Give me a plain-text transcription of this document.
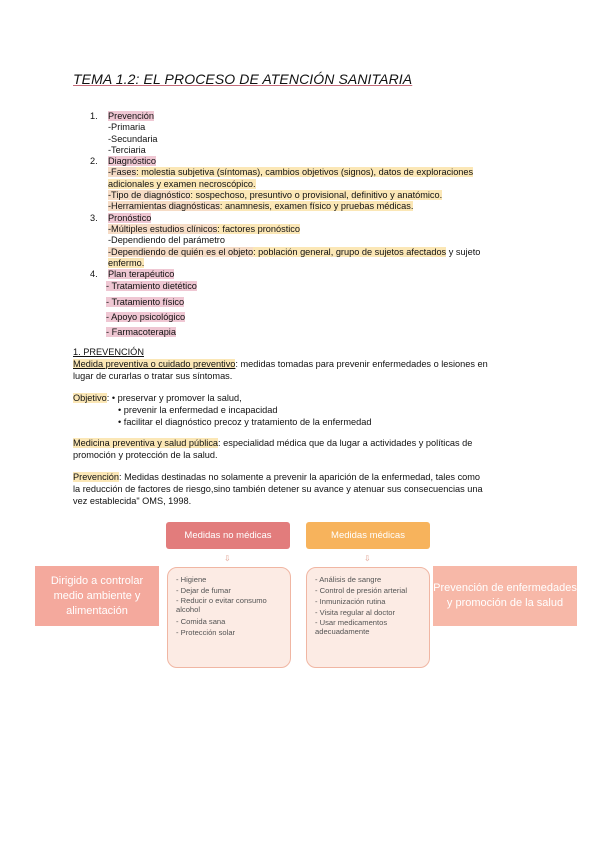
TEMA 1.2: EL PROCESO DE ATENCIÓN SANITARIA
1. Prevención
-Primaria
-Secundaria
-Terciaria
2. Diagnóstico
-Fases: molestia subjetiva (síntomas), cambios objetivos (signos), datos de exploraciones
adicionales y examen necroscópico.
-Tipo de diagnóstico: sospechoso, presuntivo o provisional, definitivo y anatómico.
-Herramientas diagnósticas: anamnesis, examen físico y pruebas médicas.
3. Pronóstico
-Múltiples estudios clínicos: factores pronóstico
-Dependiendo del parámetro
-Dependiendo de quién es el objeto: población general, grupo de sujetos afectados y sujeto
enfermo.
4. Plan terapéutico
- Tratamiento dietético
- Tratamiento físico
- Apoyo psicológico
- Farmacoterapia
1. PREVENCIÓN
Medida preventiva o cuidado preventivo: medidas tomadas para prevenir enfermedades o lesiones en
lugar de curarlas o tratar sus síntomas.
Objetivo: • preservar y promover la salud,
• prevenir la enfermedad e incapacidad
• facilitar el diagnóstico precoz y tratamiento de la enfermedad
Medicina preventiva y salud pública: especialidad médica que da lugar a actividades y políticas de
promoción y protección de la salud.
Prevención: Medidas destinadas no solamente a prevenir la aparición de la enfermedad, tales como
la reducción de factores de riesgo,sino también detener su avance y atenuar sus consecuencias una
vez establecida" OMS, 1998.
Medidas no médicas	Medidas médicas
⇩	⇩
- Higiene
- Dejar de fumar
- Reducir o evitar consumo alcohol
- Comida sana
- Protección solar
- Análisis de sangre
- Control de presión arterial
- Inmunización rutina
- Visita regular al doctor
- Usar medicamentos adecuadamente
Dirigido a controlar medio ambiente y alimentación
Prevención de enfermedades y promoción de la salud
